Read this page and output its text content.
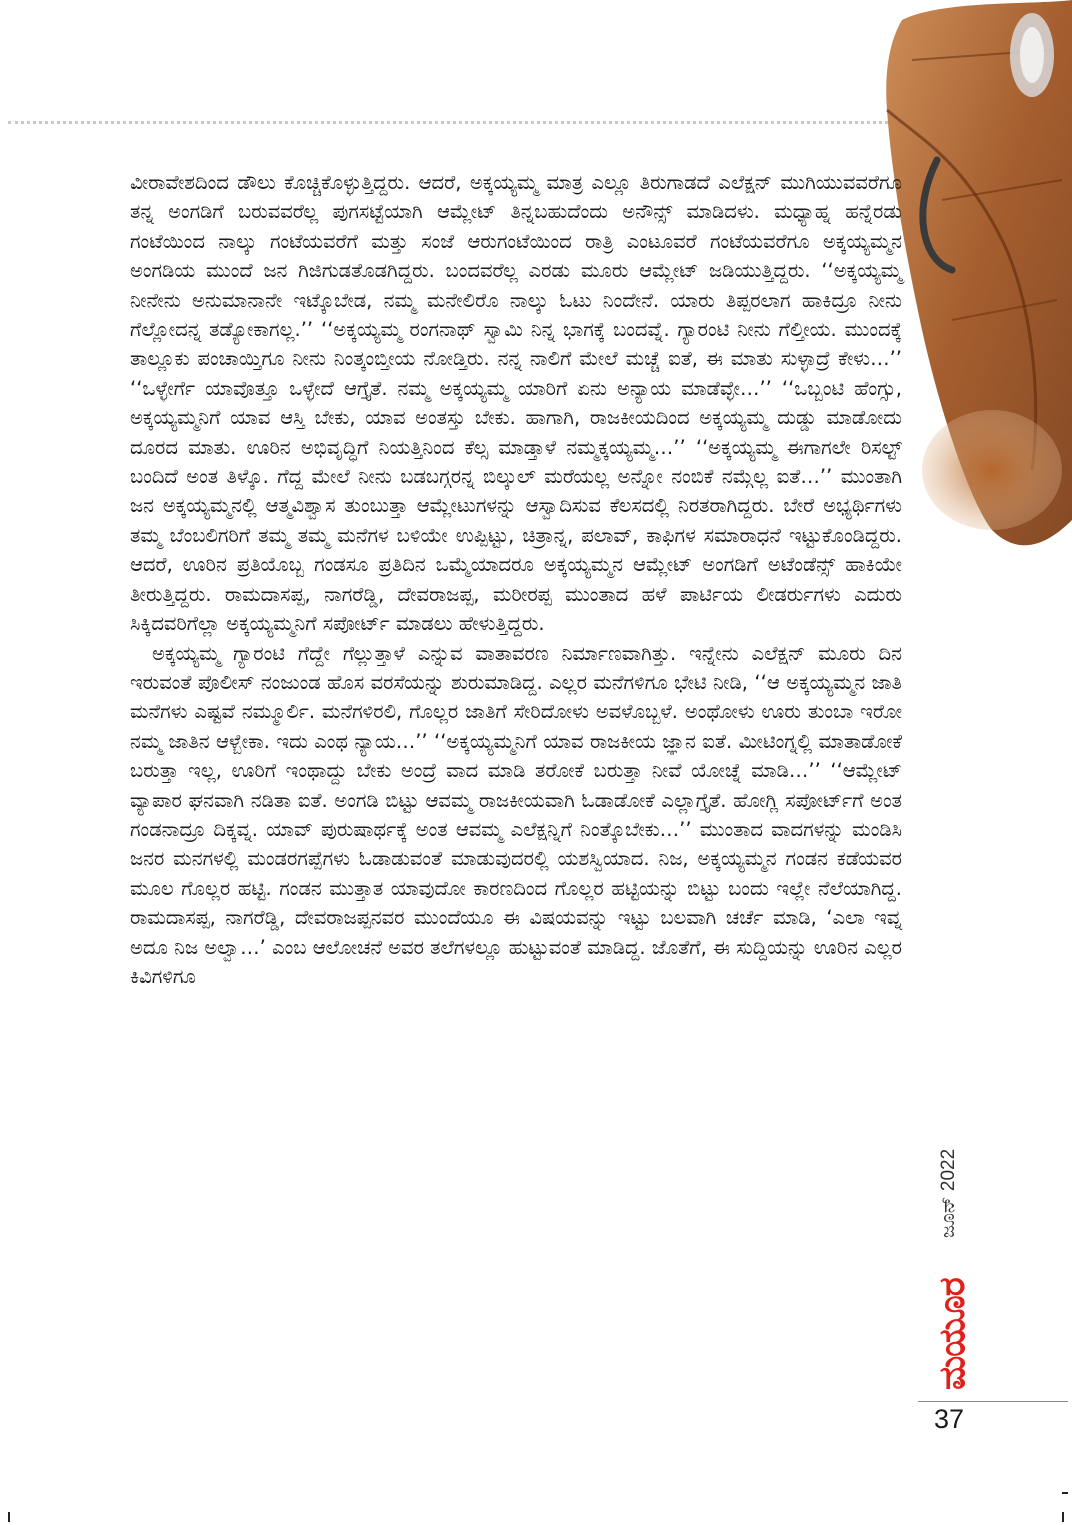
ವೀರಾವೇಶದಿಂದ ಡೌಲು ಕೊಚ್ಚಿಕೊಳ್ಳುತ್ತಿದ್ದರು. ಆದರೆ, ಅಕ್ಕಯ್ಯಮ್ಮ ಮಾತ್ರ ಎಲ್ಲೂ ತಿರುಗಾಡದೆ ಎಲೆಕ್ಷನ್ ಮುಗಿಯುವವರೆಗೂ ತನ್ನ ಅಂಗಡಿಗೆ ಬರುವವರೆಲ್ಲ ಪುಗಸಟ್ಟೆಯಾಗಿ ಆಮ್ಲೇಟ್ ತಿನ್ನಬಹುದೆಂದು ಅನೌನ್ಸ್ ಮಾಡಿದಳು. ಮಧ್ಯಾಹ್ನ ಹನ್ನೆರಡು ಗಂಟೆಯಿಂದ ನಾಲ್ಕು ಗಂಟೆಯವರೆಗೆ ಮತ್ತು ಸಂಜೆ ಆರುಗಂಟೆಯಿಂದ ರಾತ್ರಿ ಎಂಟೂವರೆ ಗಂಟೆಯವರೆಗೂ ಅಕ್ಕಯ್ಯಮ್ಮನ ಅಂಗಡಿಯ ಮುಂದೆ ಜನ ಗಿಜಿಗುಡತೊಡಗಿದ್ದರು. ಬಂದವರೆಲ್ಲ ಎರಡು ಮೂರು ಆಮ್ಲೇಟ್ ಜಡಿಯುತ್ತಿದ್ದರು. ‘‘ಅಕ್ಕಯ್ಯಮ್ಮ ನೀನೇನು ಅನುಮಾನಾನೇ ಇಟ್ಕೊಬೇಡ, ನಮ್ಮ ಮನೇಲಿರೊ ನಾಲ್ಕು ಓಟು ನಿಂದೇನೆ. ಯಾರು ತಿಪ್ಪರಲಾಗ ಹಾಕಿದ್ರೂ ನೀನು ಗೆಲ್ಲೋದನ್ನ ತಡ್ಯೋಕಾಗಲ್ಲ.’’ ‘‘ಅಕ್ಕಯ್ಯಮ್ಮ ರಂಗನಾಥ್ ಸ್ವಾಮಿ ನಿನ್ನ ಭಾಗಕ್ಕೆ ಬಂದವ್ನೆ. ಗ್ಯಾರಂಟಿ ನೀನು ಗೆಲ್ತೀಯ. ಮುಂದಕ್ಕೆ ತಾಲ್ಲೂಕು ಪಂಚಾಯ್ತಿಗೂ ನೀನು ನಿಂತ್ಕಂಬ್ತೀಯ ನೋಡ್ತಿರು. ನನ್ನ ನಾಲಿಗೆ ಮೇಲೆ ಮಚ್ಚೆ ಐತೆ, ಈ ಮಾತು ಸುಳ್ಳಾದ್ರೆ ಕೇಳು…’’ ‘‘ಒಳ್ಳೇರ್ಗೆ ಯಾವೊತ್ತೂ ಒಳ್ಳೇದೆ ಆಗ್ತೈತೆ. ನಮ್ಮ ಅಕ್ಕಯ್ಯಮ್ಮ ಯಾರಿಗೆ ಏನು ಅನ್ಯಾಯ ಮಾಡೆವ್ಳೇ…’’ ‘‘ಒಬ್ಬಂಟಿ ಹೆಂಗ್ಸು, ಅಕ್ಕಯ್ಯಮ್ಮನಿಗೆ ಯಾವ ಆಸ್ತಿ ಬೇಕು, ಯಾವ ಅಂತಸ್ತು ಬೇಕು. ಹಾಗಾಗಿ, ರಾಜಕೀಯದಿಂದ ಅಕ್ಕಯ್ಯಮ್ಮ ದುಡ್ಡು ಮಾಡೋದು ದೂರದ ಮಾತು. ಊರಿನ ಅಭಿವೃದ್ಧಿಗೆ ನಿಯತ್ತಿನಿಂದ ಕೆಲ್ಸ ಮಾಡ್ತಾಳೆ ನಮ್ಮಕ್ಕಯ್ಯಮ್ಮ…’’ ‘‘ಅಕ್ಕಯ್ಯಮ್ಮ ಈಗಾಗಲೇ ರಿಸಲ್ಟ್ ಬಂದಿದೆ ಅಂತ ತಿಳ್ಕೊ. ಗೆದ್ದ ಮೇಲೆ ನೀನು ಬಡಬಗ್ಗರನ್ನ ಬಿಲ್ಕುಲ್ ಮರೆಯಲ್ಲ ಅನ್ನೋ ನಂಬಿಕೆ ನಮ್ಗೆಲ್ಲ ಐತೆ…’’ ಮುಂತಾಗಿ ಜನ ಅಕ್ಕಯ್ಯಮ್ಮನಲ್ಲಿ ಆತ್ಮವಿಶ್ವಾಸ ತುಂಬುತ್ತಾ ಆಮ್ಲೇಟುಗಳನ್ನು ಆಸ್ವಾದಿಸುವ ಕೆಲಸದಲ್ಲಿ ನಿರತರಾಗಿದ್ದರು. ಬೇರೆ ಅಭ್ಯರ್ಥಿಗಳು ತಮ್ಮ ಬೆಂಬಲಿಗರಿಗೆ ತಮ್ಮ ತಮ್ಮ ಮನೆಗಳ ಬಳಿಯೇ ಉಪ್ಪಿಟ್ಟು, ಚಿತ್ರಾನ್ನ, ಪಲಾವ್, ಕಾಫಿಗಳ ಸಮಾರಾಧನೆ ಇಟ್ಟುಕೊಂಡಿದ್ದರು. ಆದರೆ, ಊರಿನ ಪ್ರತಿಯೊಬ್ಬ ಗಂಡಸೂ ಪ್ರತಿದಿನ ಒಮ್ಮೆಯಾದರೂ ಅಕ್ಕಯ್ಯಮ್ಮನ ಆಮ್ಲೇಟ್ ಅಂಗಡಿಗೆ ಅಟೆಂಡೆನ್ಸ್ ಹಾಕಿಯೇ ತೀರುತ್ತಿದ್ದರು. ರಾಮದಾಸಪ್ಪ, ನಾಗರೆಡ್ಡಿ, ದೇವರಾಜಪ್ಪ, ಮರೀರಪ್ಪ ಮುಂತಾದ ಹಳೆ ಪಾರ್ಟಿಯ ಲೀಡರ್ರುಗಳು ಎದುರು ಸಿಕ್ಕಿದವರಿಗೆಲ್ಲಾ ಅಕ್ಕಯ್ಯಮ್ಮನಿಗೆ ಸಪೋರ್ಟ್ ಮಾಡಲು ಹೇಳುತ್ತಿದ್ದರು.

ಅಕ್ಕಯ್ಯಮ್ಮ ಗ್ಯಾರಂಟಿ ಗೆದ್ದೇ ಗೆಲ್ಲುತ್ತಾಳೆ ಎನ್ನುವ ವಾತಾವರಣ ನಿರ್ಮಾಣವಾಗಿತ್ತು. ಇನ್ನೇನು ಎಲೆಕ್ಷನ್ ಮೂರು ದಿನ ಇರುವಂತೆ ಪೊಲೀಸ್ ನಂಜುಂಡ ಹೊಸ ವರಸೆಯನ್ನು ಶುರುಮಾಡಿದ್ದ. ಎಲ್ಲರ ಮನೆಗಳಿಗೂ ಭೇಟಿ ನೀಡಿ, ‘‘ಆ ಅಕ್ಕಯ್ಯಮ್ಮನ ಜಾತಿ ಮನೆಗಳು ಎಷ್ಟವೆ ನಮ್ಮೂರ್ಲಿ. ಮನೆಗಳಿರಲಿ, ಗೊಲ್ಲರ ಜಾತಿಗೆ ಸೇರಿದೋಳು ಅವಳೊಬ್ಬಳೆ. ಅಂಥೋಳು ಊರು ತುಂಬಾ ಇರೋ ನಮ್ಮ ಜಾತಿನ ಆಳ್ಬೇಕಾ. ಇದು ಎಂಥ ನ್ಯಾಯ…’’ ‘‘ಅಕ್ಕಯ್ಯಮ್ಮನಿಗೆ ಯಾವ ರಾಜಕೀಯ ಜ್ಞಾನ ಐತೆ. ಮೀಟಿಂಗ್ನಲ್ಲಿ ಮಾತಾಡೋಕೆ ಬರುತ್ತಾ ಇಲ್ಲ, ಊರಿಗೆ ಇಂಥಾದ್ದು ಬೇಕು ಅಂದ್ರೆ ವಾದ ಮಾಡಿ ತರೋಕೆ ಬರುತ್ತಾ ನೀವೆ ಯೋಚ್ನೆ ಮಾಡಿ…’’ ‘‘ಆಮ್ಲೇಟ್ ವ್ಯಾಪಾರ ಘನವಾಗಿ ನಡಿತಾ ಐತೆ. ಅಂಗಡಿ ಬಿಟ್ಟು ಆವಮ್ಮ ರಾಜಕೀಯವಾಗಿ ಓಡಾಡೋಕೆ ಎಲ್ಲಾಗ್ತೈತೆ. ಹೋಗ್ಲಿ ಸಪೋರ್ಟ್‌ಗೆ ಅಂತ ಗಂಡನಾದ್ರೂ ದಿಕ್ಕವ್ನ. ಯಾವ್ ಪುರುಷಾರ್ಥಕ್ಕೆ ಅಂತ ಆವಮ್ಮ ಎಲೆಕ್ಷನ್ನಿಗೆ ನಿಂತ್ಕೊಬೇಕು…’’ ಮುಂತಾದ ವಾದಗಳನ್ನು ಮಂಡಿಸಿ ಜನರ ಮನಗಳಲ್ಲಿ ಮಂಡರಗಪ್ಪೆಗಳು ಓಡಾಡುವಂತೆ ಮಾಡುವುದರಲ್ಲಿ ಯಶಸ್ವಿಯಾದ. ನಿಜ, ಅಕ್ಕಯ್ಯಮ್ಮನ ಗಂಡನ ಕಡೆಯವರ ಮೂಲ ಗೊಲ್ಲರ ಹಟ್ಟಿ. ಗಂಡನ ಮುತ್ತಾತ ಯಾವುದೋ ಕಾರಣದಿಂದ ಗೊಲ್ಲರ ಹಟ್ಟಿಯನ್ನು ಬಿಟ್ಟು ಬಂದು ಇಲ್ಲೇ ನೆಲೆಯಾಗಿದ್ದ. ರಾಮದಾಸಪ್ಪ, ನಾಗರೆಡ್ಡಿ, ದೇವರಾಜಪ್ಪನವರ ಮುಂದೆಯೂ ಈ ವಿಷಯವನ್ನು ಇಟ್ಟು ಬಲವಾಗಿ ಚರ್ಚೆ ಮಾಡಿ, ‘ಎಲಾ ಇವ್ನ ಅದೂ ನಿಜ ಅಲ್ವಾ…’ ಎಂಬ ಆಲೋಚನೆ ಅವರ ತಲೆಗಳಲ್ಲೂ ಹುಟ್ಟುವಂತೆ ಮಾಡಿದ್ದ. ಜೊತೆಗೆ, ಈ ಸುದ್ದಿಯನ್ನು ಊರಿನ ಎಲ್ಲರ ಕಿವಿಗಳಿಗೂ

ಜೂನ್ 2022
ಮಯೂರ
37
